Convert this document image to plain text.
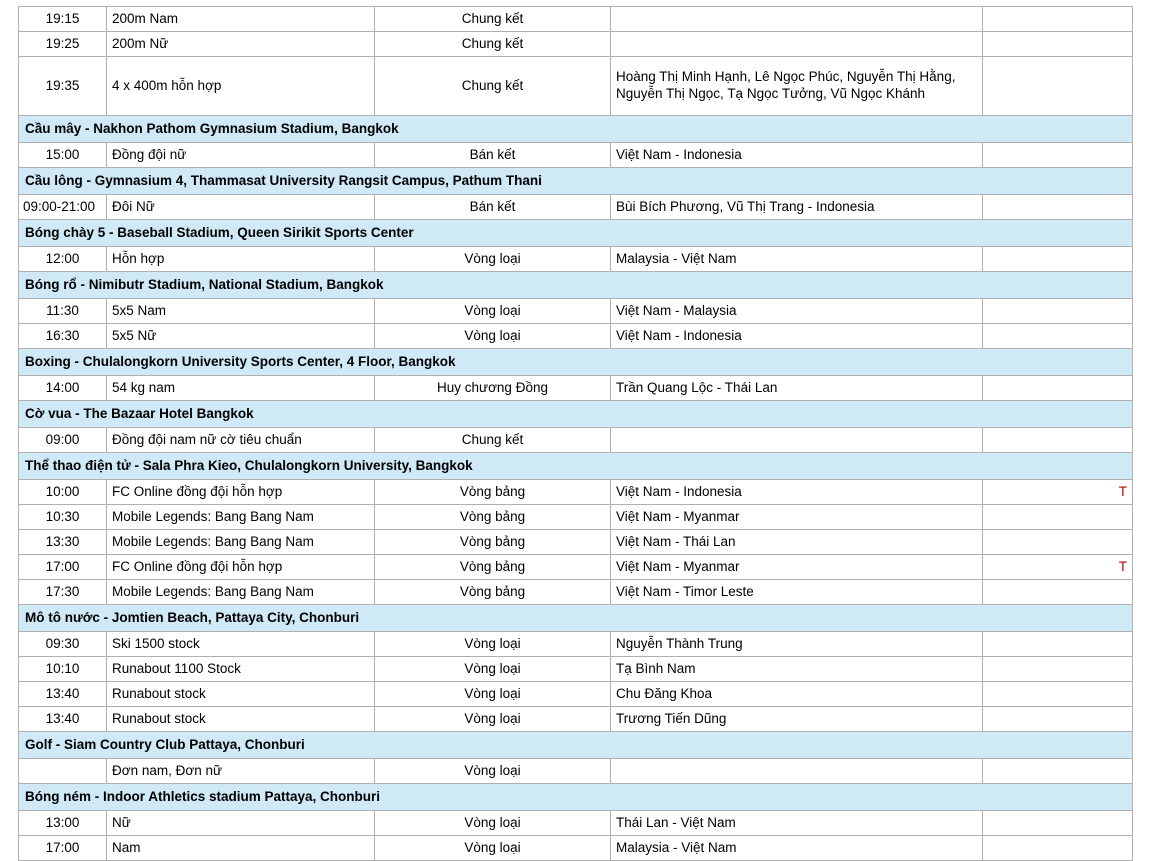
19:15	200m Nam	Chung kết		
19:25	200m Nữ	Chung kết		
19:35	4 x 400m hỗn hợp	Chung kết	Hoàng Thị Minh Hạnh, Lê Ngọc Phúc, Nguyễn Thị Hằng, Nguyễn Thị Ngọc, Tạ Ngọc Tưởng, Vũ Ngọc Khánh	
Cầu mây - Nakhon Pathom Gymnasium Stadium, Bangkok				
15:00	Đồng đội nữ	Bán kết	Việt Nam - Indonesia	
Cầu lông - Gymnasium 4, Thammasat University Rangsit Campus, Pathum Thani				
09:00-21:00	Đôi Nữ	Bán kết	Bùi Bích Phương, Vũ Thị Trang - Indonesia	
Bóng chày 5 - Baseball Stadium, Queen Sirikit Sports Center				
12:00	Hỗn hợp	Vòng loại	Malaysia - Việt Nam	
Bóng rổ - Nimibutr Stadium, National Stadium, Bangkok				
11:30	5x5 Nam	Vòng loại	Việt Nam - Malaysia	
16:30	5x5 Nữ	Vòng loại	Việt Nam - Indonesia	
Boxing - Chulalongkorn University Sports Center, 4 Floor, Bangkok				
14:00	54 kg nam	Huy chương Đồng	Trần Quang Lộc - Thái Lan	
Cờ vua - The Bazaar Hotel Bangkok				
09:00	Đồng đội nam nữ cờ tiêu chuẩn	Chung kết		
Thể thao điện tử - Sala Phra Kieo, Chulalongkorn University, Bangkok				
10:00	FC Online đồng đội hỗn hợp	Vòng bảng	Việt Nam - Indonesia	T

10:30	Mobile Legends: Bang Bang Nam	Vòng bảng	Việt Nam - Myanmar	
13:30	Mobile Legends: Bang Bang Nam	Vòng bảng	Việt Nam - Thái Lan	
17:00	FC Online đồng đội hỗn hợp	Vòng bảng	Việt Nam - Myanmar	T

17:30	Mobile Legends: Bang Bang Nam	Vòng bảng	Việt Nam - Timor Leste	
Mô tô nước - Jomtien Beach, Pattaya City, Chonburi				
09:30	Ski 1500 stock	Vòng loại	Nguyễn Thành Trung	
10:10	Runabout 1100 Stock	Vòng loại	Tạ Bình Nam	
13:40	Runabout stock	Vòng loại	Chu Đăng Khoa	
13:40	Runabout stock	Vòng loại	Trương Tiến Dũng	
Golf - Siam Country Club Pattaya, Chonburi				
	Đơn nam, Đơn nữ	Vòng loại		
Bóng ném - Indoor Athletics stadium Pattaya, Chonburi				
13:00	Nữ	Vòng loại	Thái Lan - Việt Nam	
17:00	Nam	Vòng loại	Malaysia - Việt Nam	
